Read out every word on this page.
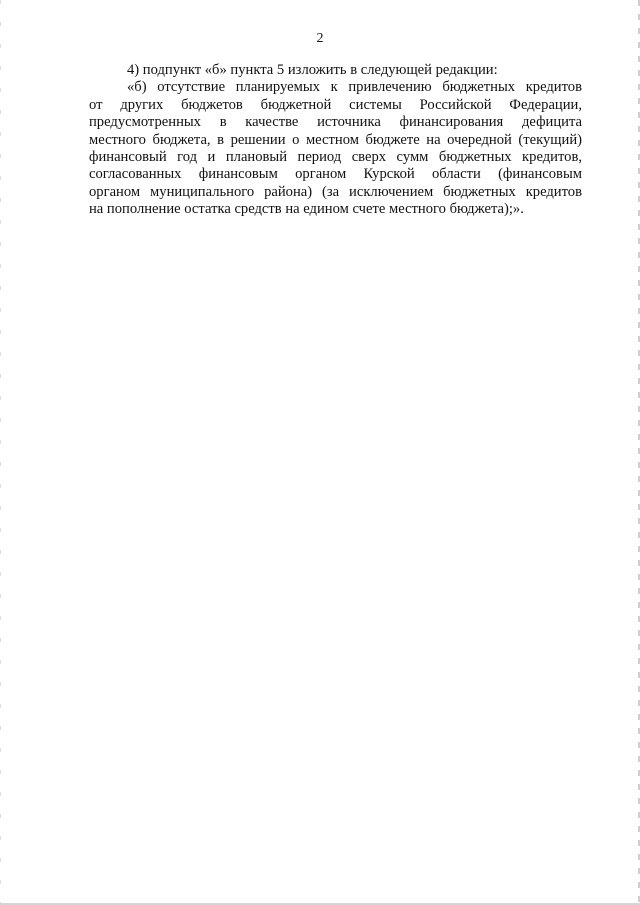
2
4) подпункт «б» пункта 5 изложить в следующей редакции:
«б) отсутствие планируемых к привлечению бюджетных кредитов
от других бюджетов бюджетной системы Российской Федерации,
предусмотренных в качестве источника финансирования дефицита
местного бюджета, в решении о местном бюджете на очередной (текущий)
финансовый год и плановый период сверх сумм бюджетных кредитов,
согласованных финансовым органом Курской области (финансовым
органом муниципального района) (за исключением бюджетных кредитов
на пополнение остатка средств на едином счете местного бюджета);».
